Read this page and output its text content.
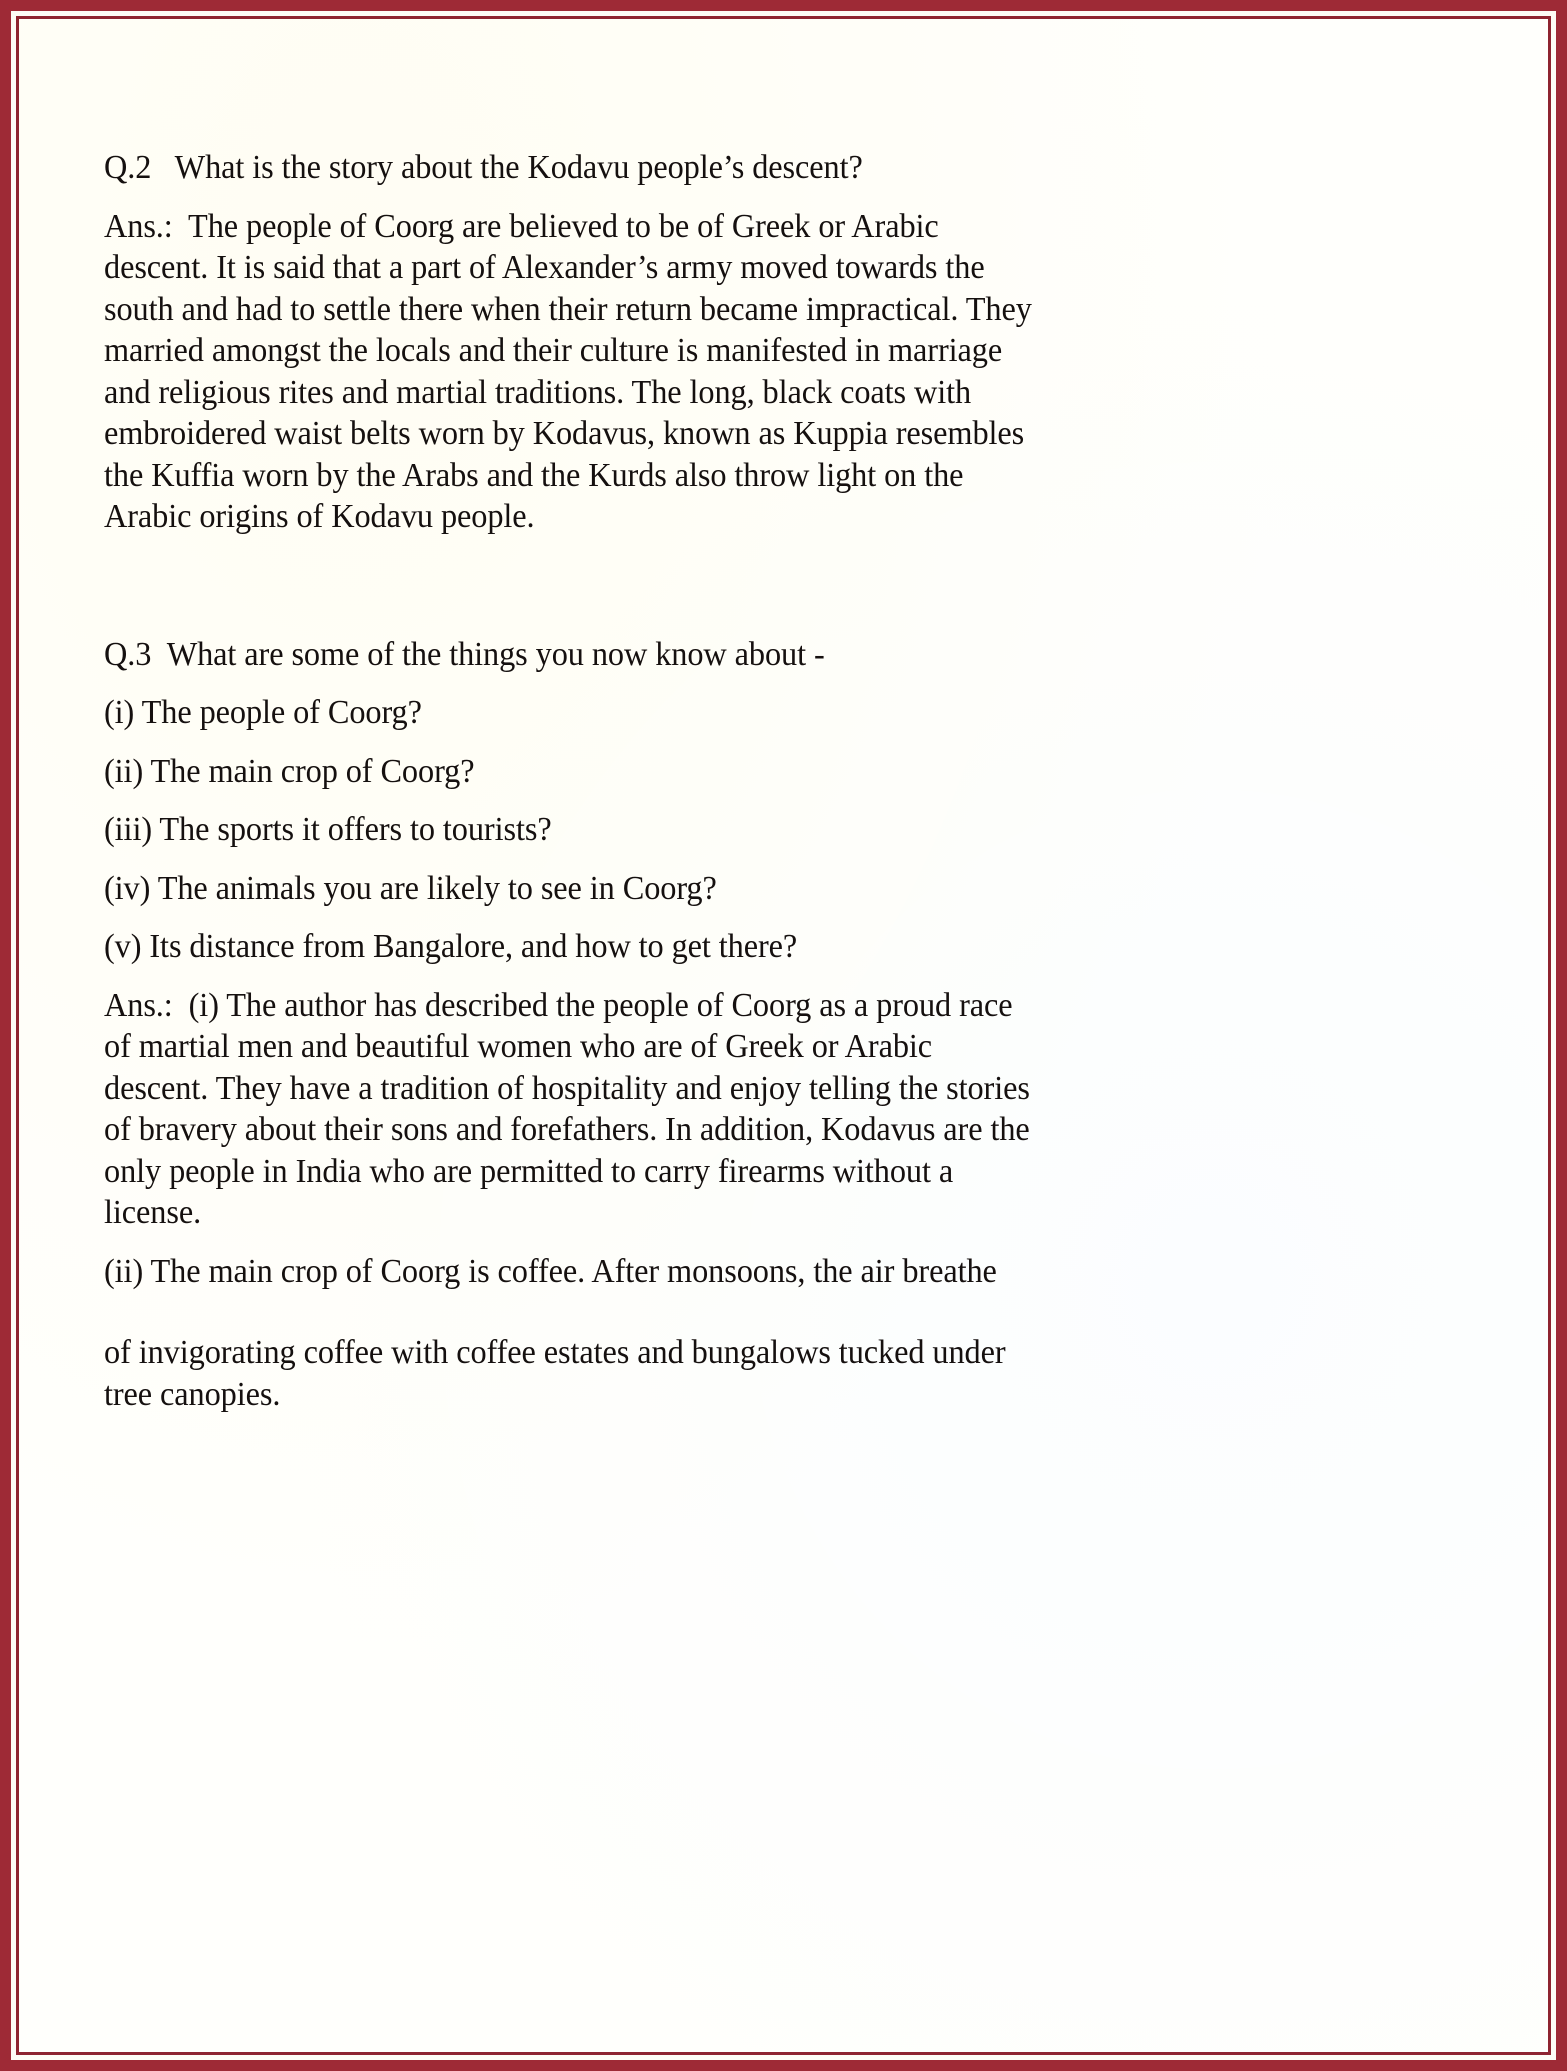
Q.2   What is the story about the Kodavu people’s descent?
Ans.:  The people of Coorg are believed to be of Greek or Arabic
descent. It is said that a part of Alexander’s army moved towards the
south and had to settle there when their return became impractical. They
married amongst the locals and their culture is manifested in marriage
and religious rites and martial traditions. The long, black coats with
embroidered waist belts worn by Kodavus, known as Kuppia resembles
the Kuffia worn by the Arabs and the Kurds also throw light on the
Arabic origins of Kodavu people.
Q.3  What are some of the things you now know about -
(i) The people of Coorg?
(ii) The main crop of Coorg?
(iii) The sports it offers to tourists?
(iv) The animals you are likely to see in Coorg?
(v) Its distance from Bangalore, and how to get there?
Ans.:  (i) The author has described the people of Coorg as a proud race
of martial men and beautiful women who are of Greek or Arabic
descent. They have a tradition of hospitality and enjoy telling the stories
of bravery about their sons and forefathers. In addition, Kodavus are the
only people in India who are permitted to carry firearms without a
license.
(ii) The main crop of Coorg is coffee. After monsoons, the air breathe
of invigorating coffee with coffee estates and bungalows tucked under
tree canopies.
